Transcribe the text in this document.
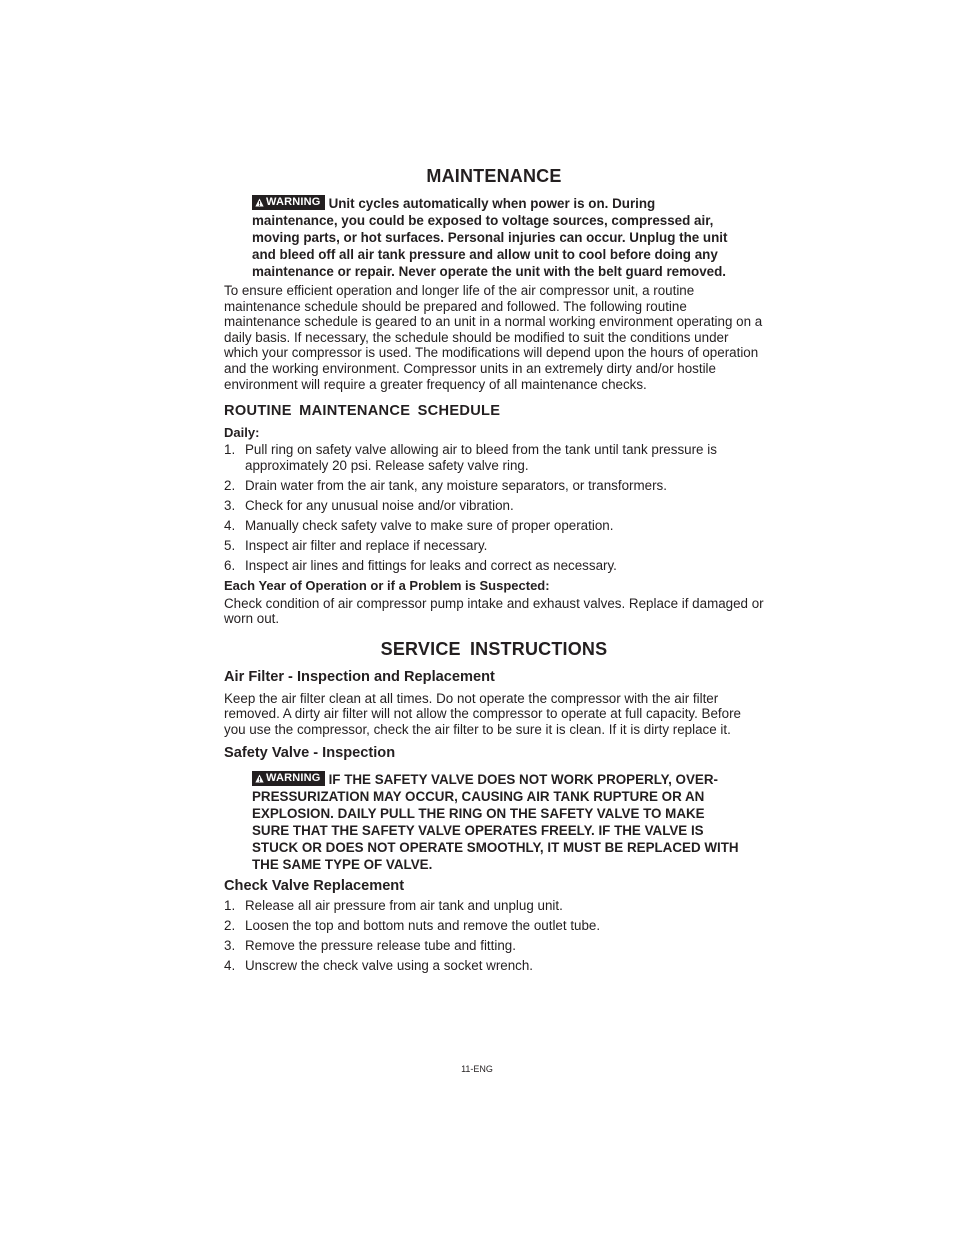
MAINTENANCE
WARNING Unit cycles automatically when power is on. During maintenance, you could be exposed to voltage sources, compressed air, moving parts, or hot surfaces. Personal injuries can occur. Unplug the unit and bleed off all air tank pressure and allow unit to cool before doing any maintenance or repair. Never operate the unit with the belt guard removed.

To ensure efficient operation and longer life of the air compressor unit, a routine maintenance schedule should be prepared and followed. The following routine maintenance schedule is geared to an unit in a normal working environment operating on a daily basis. If necessary, the schedule should be modified to suit the conditions under which your compressor is used. The modifications will depend upon the hours of operation and the working environment. Compressor units in an extremely dirty and/or hostile environment will require a greater frequency of all maintenance checks.

ROUTINE MAINTENANCE SCHEDULE
Daily:
1. Pull ring on safety valve allowing air to bleed from the tank until tank pressure is approximately 20 psi. Release safety valve ring.
2. Drain water from the air tank, any moisture separators, or transformers.
3. Check for any unusual noise and/or vibration.
4. Manually check safety valve to make sure of proper operation.
5. Inspect air filter and replace if necessary.
6. Inspect air lines and fittings for leaks and correct as necessary.
Each Year of Operation or if a Problem is Suspected:

Check condition of air compressor pump intake and exhaust valves. Replace if damaged or worn out.

SERVICE INSTRUCTIONS
Air Filter - Inspection and Replacement

Keep the air filter clean at all times. Do not operate the compressor with the air filter removed. A dirty air filter will not allow the compressor to operate at full capacity. Before you use the compressor, check the air filter to be sure it is clean. If it is dirty replace it.

Safety Valve - Inspection
WARNING IF THE SAFETY VALVE DOES NOT WORK PROPERLY, OVER-PRESSURIZATION MAY OCCUR, CAUSING AIR TANK RUPTURE OR AN EXPLOSION. DAILY PULL THE RING ON THE SAFETY VALVE TO MAKE SURE THAT THE SAFETY VALVE OPERATES FREELY. IF THE VALVE IS STUCK OR DOES NOT OPERATE SMOOTHLY, IT MUST BE REPLACED WITH THE SAME TYPE OF VALVE.
Check Valve Replacement
1. Release all air pressure from air tank and unplug unit.
2. Loosen the top and bottom nuts and remove the outlet tube.
3. Remove the pressure release tube and fitting.
4. Unscrew the check valve using a socket wrench.
11-ENG
